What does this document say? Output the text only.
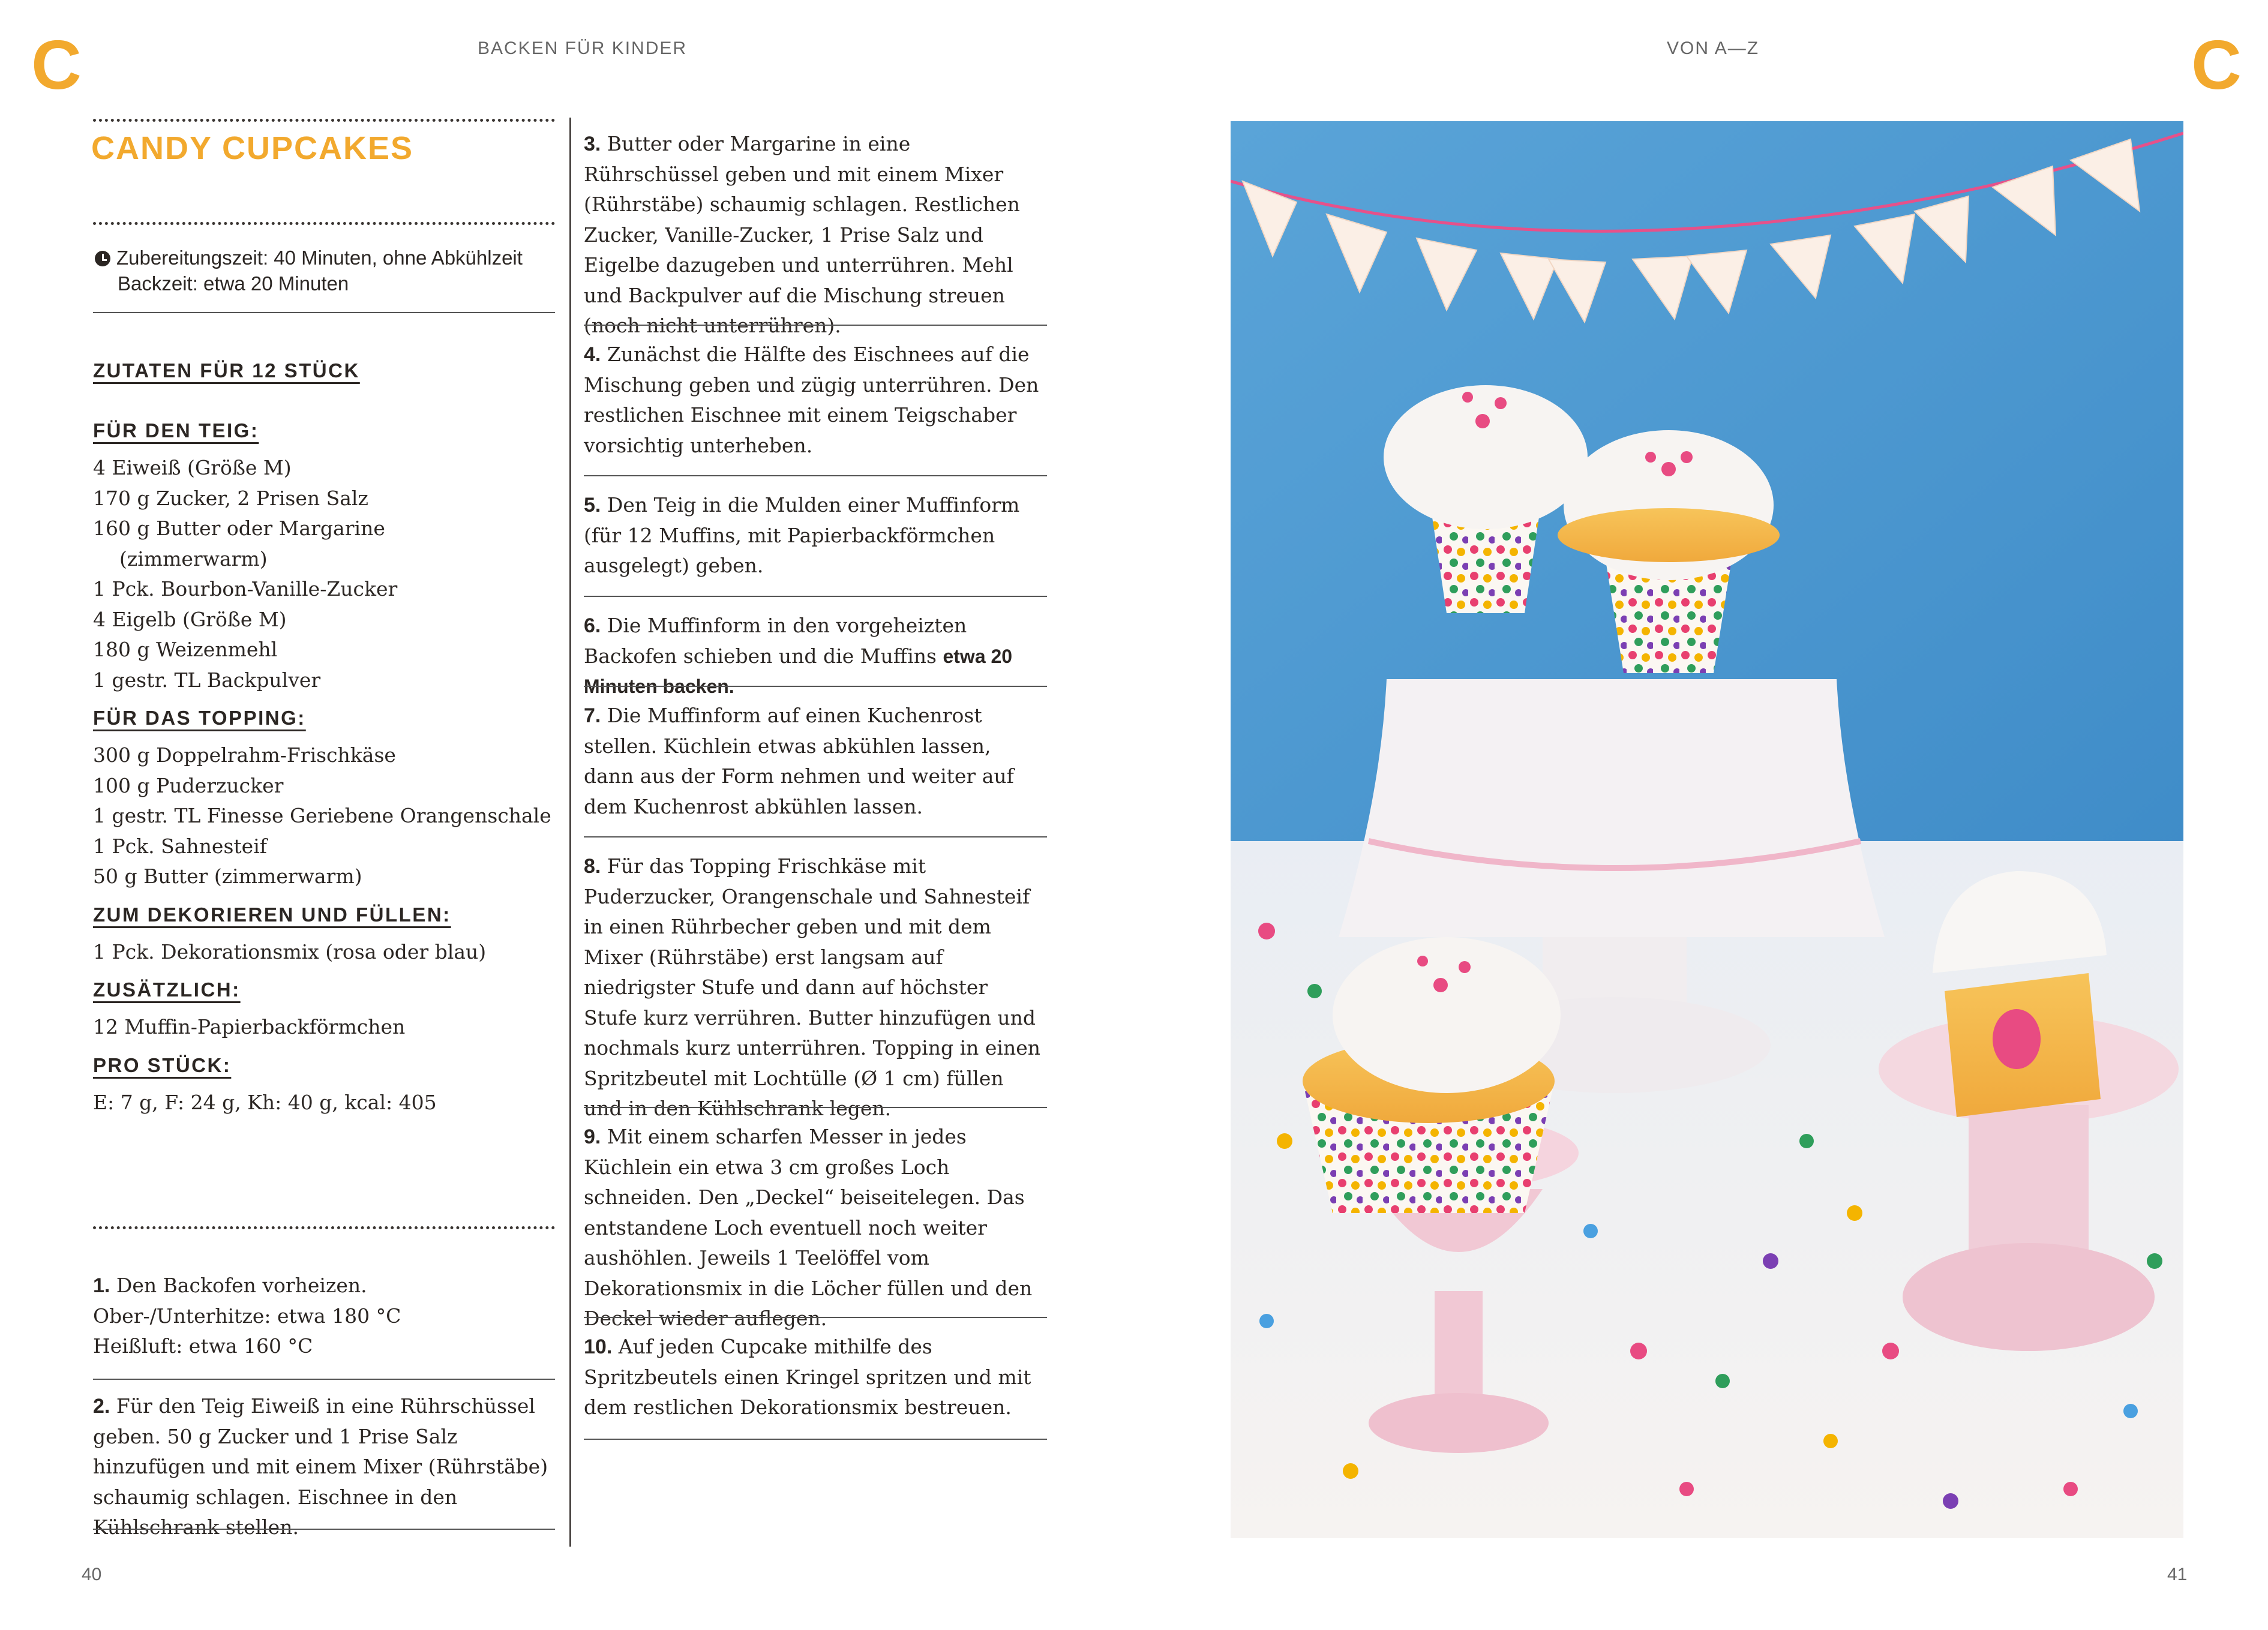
C	C
BACKEN FÜR KINDER	VON A—Z
CANDY CUPCAKES
Zubereitungszeit: 40 Minuten, ohne Abkühlzeit
Backzeit: etwa 20 Minuten
ZUTATEN FÜR 12 STÜCK
FÜR DEN TEIG:
4 Eiweiß (Größe M)
170 g Zucker, 2 Prisen Salz
160 g Butter oder Margarine (zimmerwarm)
1 Pck. Bourbon-Vanille-Zucker
4 Eigelb (Größe M)
180 g Weizenmehl
1 gestr. TL Backpulver
FÜR DAS TOPPING:
300 g Doppelrahm-Frischkäse
100 g Puderzucker
1 gestr. TL Finesse Geriebene Orangenschale
1 Pck. Sahnesteif
50 g Butter (zimmerwarm)
ZUM DEKORIEREN UND FÜLLEN:
1 Pck. Dekorationsmix (rosa oder blau)
ZUSÄTZLICH:
12 Muffin-Papierbackförmchen
PRO STÜCK:
E: 7 g, F: 24 g, Kh: 40 g, kcal: 405

1. Den Backofen vorheizen.

Ober-/Unterhitze: etwa 180 °C

Heißluft: etwa 160 °C

2. Für den Teig Eiweiß in eine Rührschüssel geben. 50 g Zucker und 1 Prise Salz hinzufügen und mit einem Mixer (Rührstäbe) schaumig schlagen. Eischnee in den Kühlschrank stellen.

3. Butter oder Margarine in eine Rührschüssel geben und mit einem Mixer (Rührstäbe) schaumig schlagen. Restlichen Zucker, Vanille-Zucker, 1 Prise Salz und Eigelbe dazugeben und unterrühren. Mehl und Backpulver auf die Mischung streuen (noch nicht unterrühren).

4. Zunächst die Hälfte des Eischnees auf die Mischung geben und zügig unterrühren. Den restlichen Eischnee mit einem Teigschaber vorsichtig unterheben.

5. Den Teig in die Mulden einer Muffinform (für 12 Muffins, mit Papierbackförmchen ausgelegt) geben.

6. Die Muffinform in den vorgeheizten Backofen schieben und die Muffins etwa 20 Minuten backen.

7. Die Muffinform auf einen Kuchenrost stellen. Küchlein etwas abkühlen lassen, dann aus der Form nehmen und weiter auf dem Kuchenrost abkühlen lassen.

8. Für das Topping Frischkäse mit Puderzucker, Orangenschale und Sahnesteif in einen Rührbecher geben und mit dem Mixer (Rührstäbe) erst langsam auf niedrigster Stufe und dann auf höchster Stufe kurz verrühren. Butter hinzufügen und nochmals kurz unterrühren. Topping in einen Spritzbeutel mit Lochtülle (Ø 1 cm) füllen und in den Kühlschrank legen.

9. Mit einem scharfen Messer in jedes Küchlein ein etwa 3 cm großes Loch schneiden. Den „Deckel“ beiseitelegen. Das entstandene Loch eventuell noch weiter aushöhlen. Jeweils 1 Teelöffel vom Dekorationsmix in die Löcher füllen und den Deckel wieder auflegen.

10. Auf jeden Cupcake mithilfe des Spritzbeutels einen Kringel spritzen und mit dem restlichen Dekorationsmix bestreuen.

40	41
